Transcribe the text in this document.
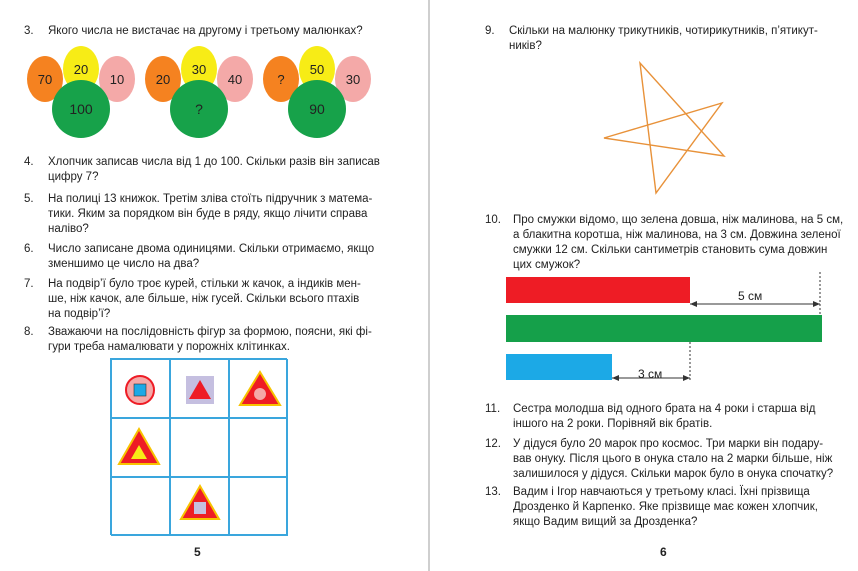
3.	Якого числа не вистачає на другому і третьому малюнках?
70	10
20
100
20	40
30
?
?	30
50
90
4.	Хлопчик записав числа від 1 до 100. Скільки разів він записав
цифру 7?
5.	На полиці 13 книжок. Третім зліва стоїть підручник з матема-
тики. Яким за порядком він буде в ряду, якщо лічити справа
наліво?
6.	Число записане двома одиницями. Скільки отримаємо, якщо
зменшимо це число на два?
7.	На подвір’ї було троє курей, стільки ж качок, а індиків мен-
ше, ніж качок, але більше, ніж гусей. Скільки всього птахів
на подвір’ї?
8.	Зважаючи на послідовність фігур за формою, поясни, які фі-
гури треба намалювати у порожніх клітинках.
5
9.	Скільки на малюнку трикутників, чотирикутників, п’ятикут-
ників?
10.	Про смужки відомо, що зелена довша, ніж малинова, на 5 см,
а блакитна коротша, ніж малинова, на 3 см. Довжина зеленої
смужки 12 см. Скільки сантиметрів становить сума довжин
цих смужок?
5 см
3 см
11.	Сестра молодша від одного брата на 4 роки і старша від
іншого на 2 роки. Порівняй вік братів.
12.	У дідуся було 20 марок про космос. Три марки він подару-
вав онуку. Після цього в онука стало на 2 марки більше, ніж
залишилося у дідуся. Скільки марок було в онука спочатку?
13.	Вадим і Ігор навчаються у третьому класі. Їхні прізвища
Дрозденко й Карпенко. Яке прізвище має кожен хлопчик,
якщо Вадим вищий за Дрозденка?
6
